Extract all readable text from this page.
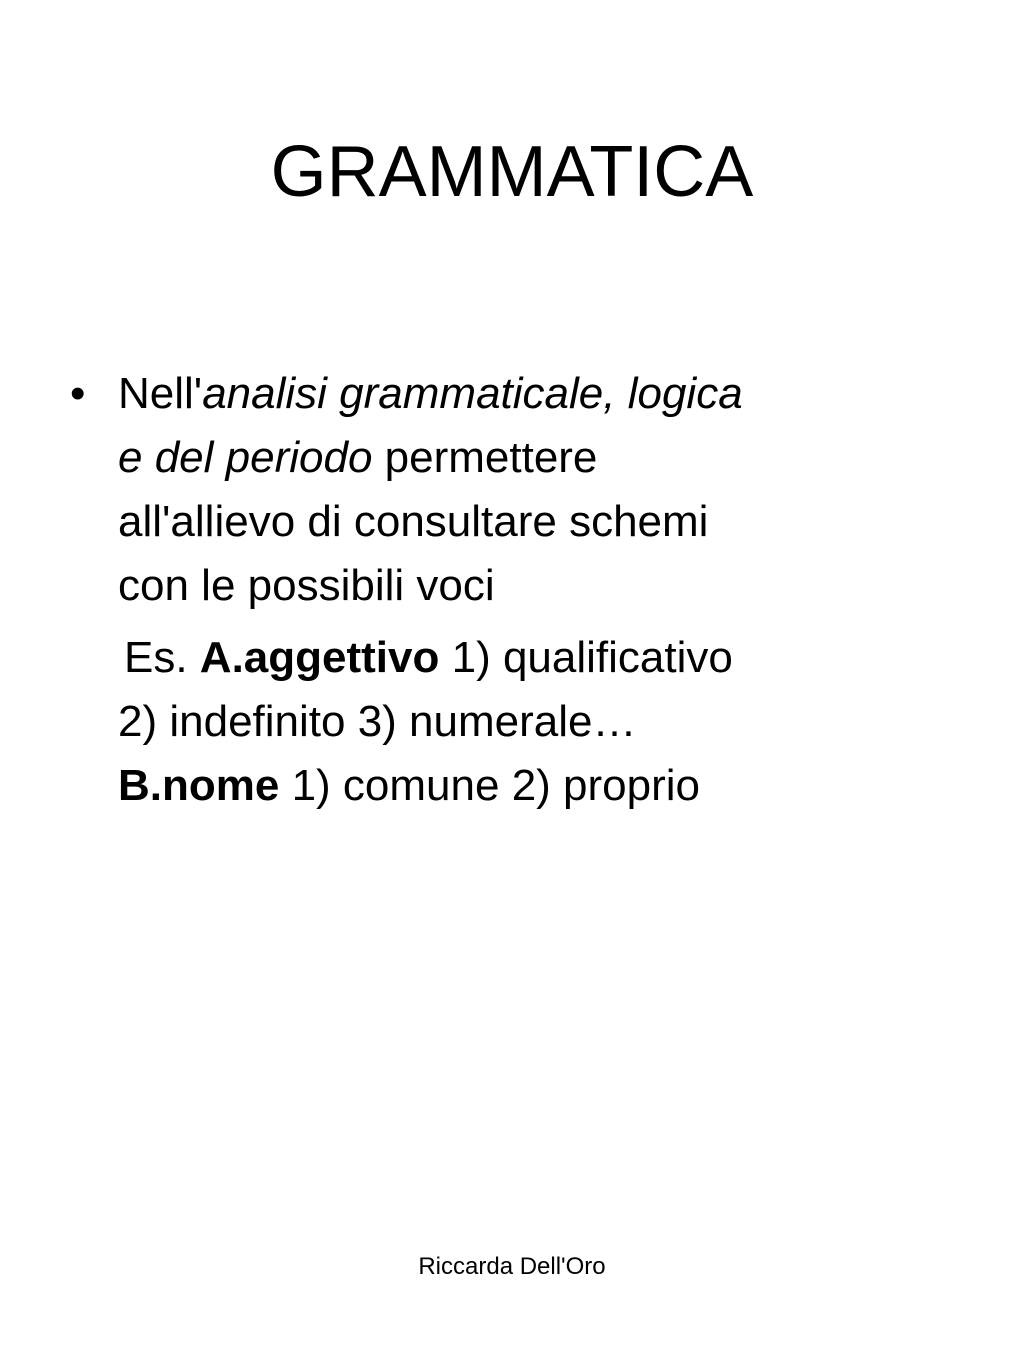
GRAMMATICA
• Nell'analisi grammaticale, logica e del periodo permettere all'allievo di consultare schemi con le possibili voci
Es. A.aggettivo 1) qualificativo 2) indefinito 3) numerale… B.nome 1) comune 2) proprio
Riccarda Dell'Oro
